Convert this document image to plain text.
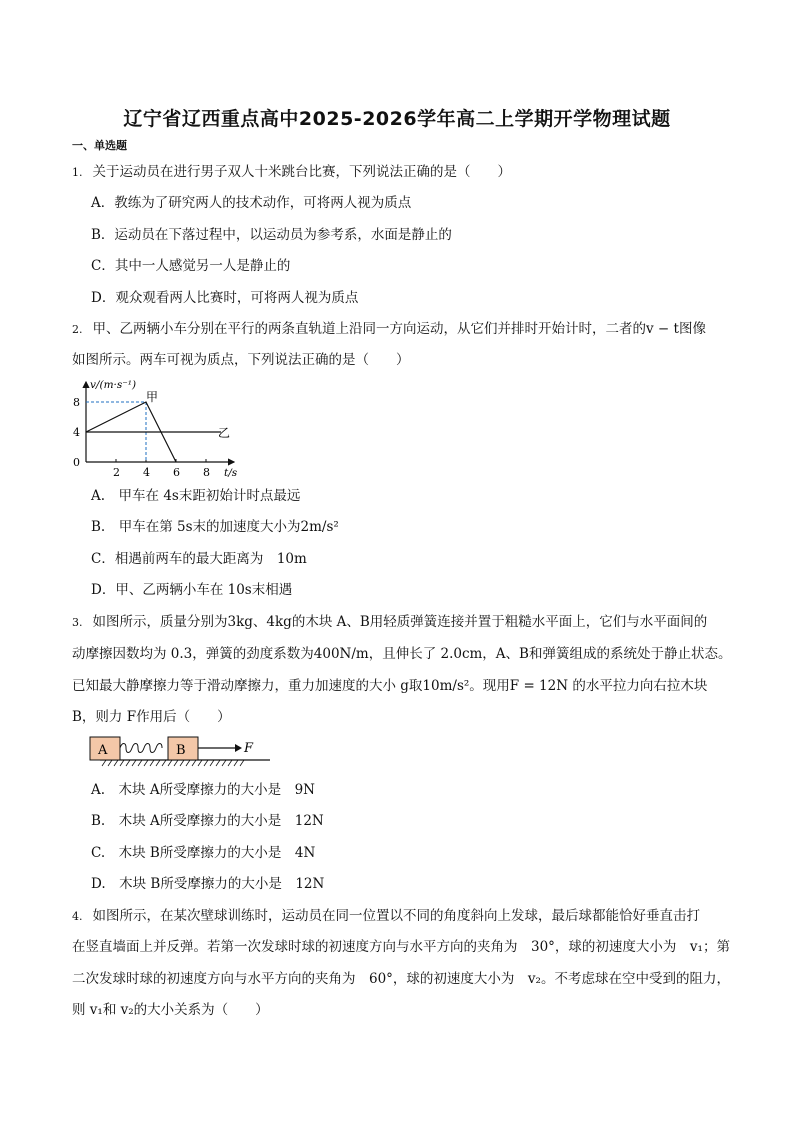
辽宁省辽西重点高中2025-2026学年高二上学期开学物理试题
一、单选题
1. 关于运动员在进行男子双人十米跳台比赛，下列说法正确的是（　　）
A．教练为了研究两人的技术动作，可将两人视为质点
B．运动员在下落过程中，以运动员为参考系，水面是静止的
C．其中一人感觉另一人是静止的
D．观众观看两人比赛时，可将两人视为质点
2. 甲、乙两辆小车分别在平行的两条直轨道上沿同一方向运动，从它们并排时开始计时，二者的v − t图像
如图所示。两车可视为质点，下列说法正确的是（　　）
v/(m·s⁻¹)
t/s
8
4
0
2 4 6 8
甲
乙
A.　甲车在 4s末距初始计时点最远
B.　甲车在第 5s末的加速度大小为2m/s²
C．相遇前两车的最大距离为　10m
D．甲、乙两辆小车在 10s末相遇
3. 如图所示，质量分别为3kg、4kg的木块 A、B用轻质弹簧连接并置于粗糙水平面上，它们与水平面间的
动摩擦因数均为 0.3，弹簧的劲度系数为400N/m，且伸长了 2.0cm，A、B和弹簧组成的系统处于静止状态。
已知最大静摩擦力等于滑动摩擦力，重力加速度的大小 g取10m/s²。现用F = 12N 的水平拉力向右拉木块
B，则力 F作用后（　　）
A	B	F
A.　木块 A所受摩擦力的大小是　9N
B.　木块 A所受摩擦力的大小是　12N
C.　木块 B所受摩擦力的大小是　4N
D.　木块 B所受摩擦力的大小是　12N
4. 如图所示，在某次壁球训练时，运动员在同一位置以不同的角度斜向上发球，最后球都能恰好垂直击打
在竖直墙面上并反弹。若第一次发球时球的初速度方向与水平方向的夹角为　30°，球的初速度大小为　v₁；第
二次发球时球的初速度方向与水平方向的夹角为　60°，球的初速度大小为　v₂。不考虑球在空中受到的阻力，
则 v₁和 v₂的大小关系为（　　）
